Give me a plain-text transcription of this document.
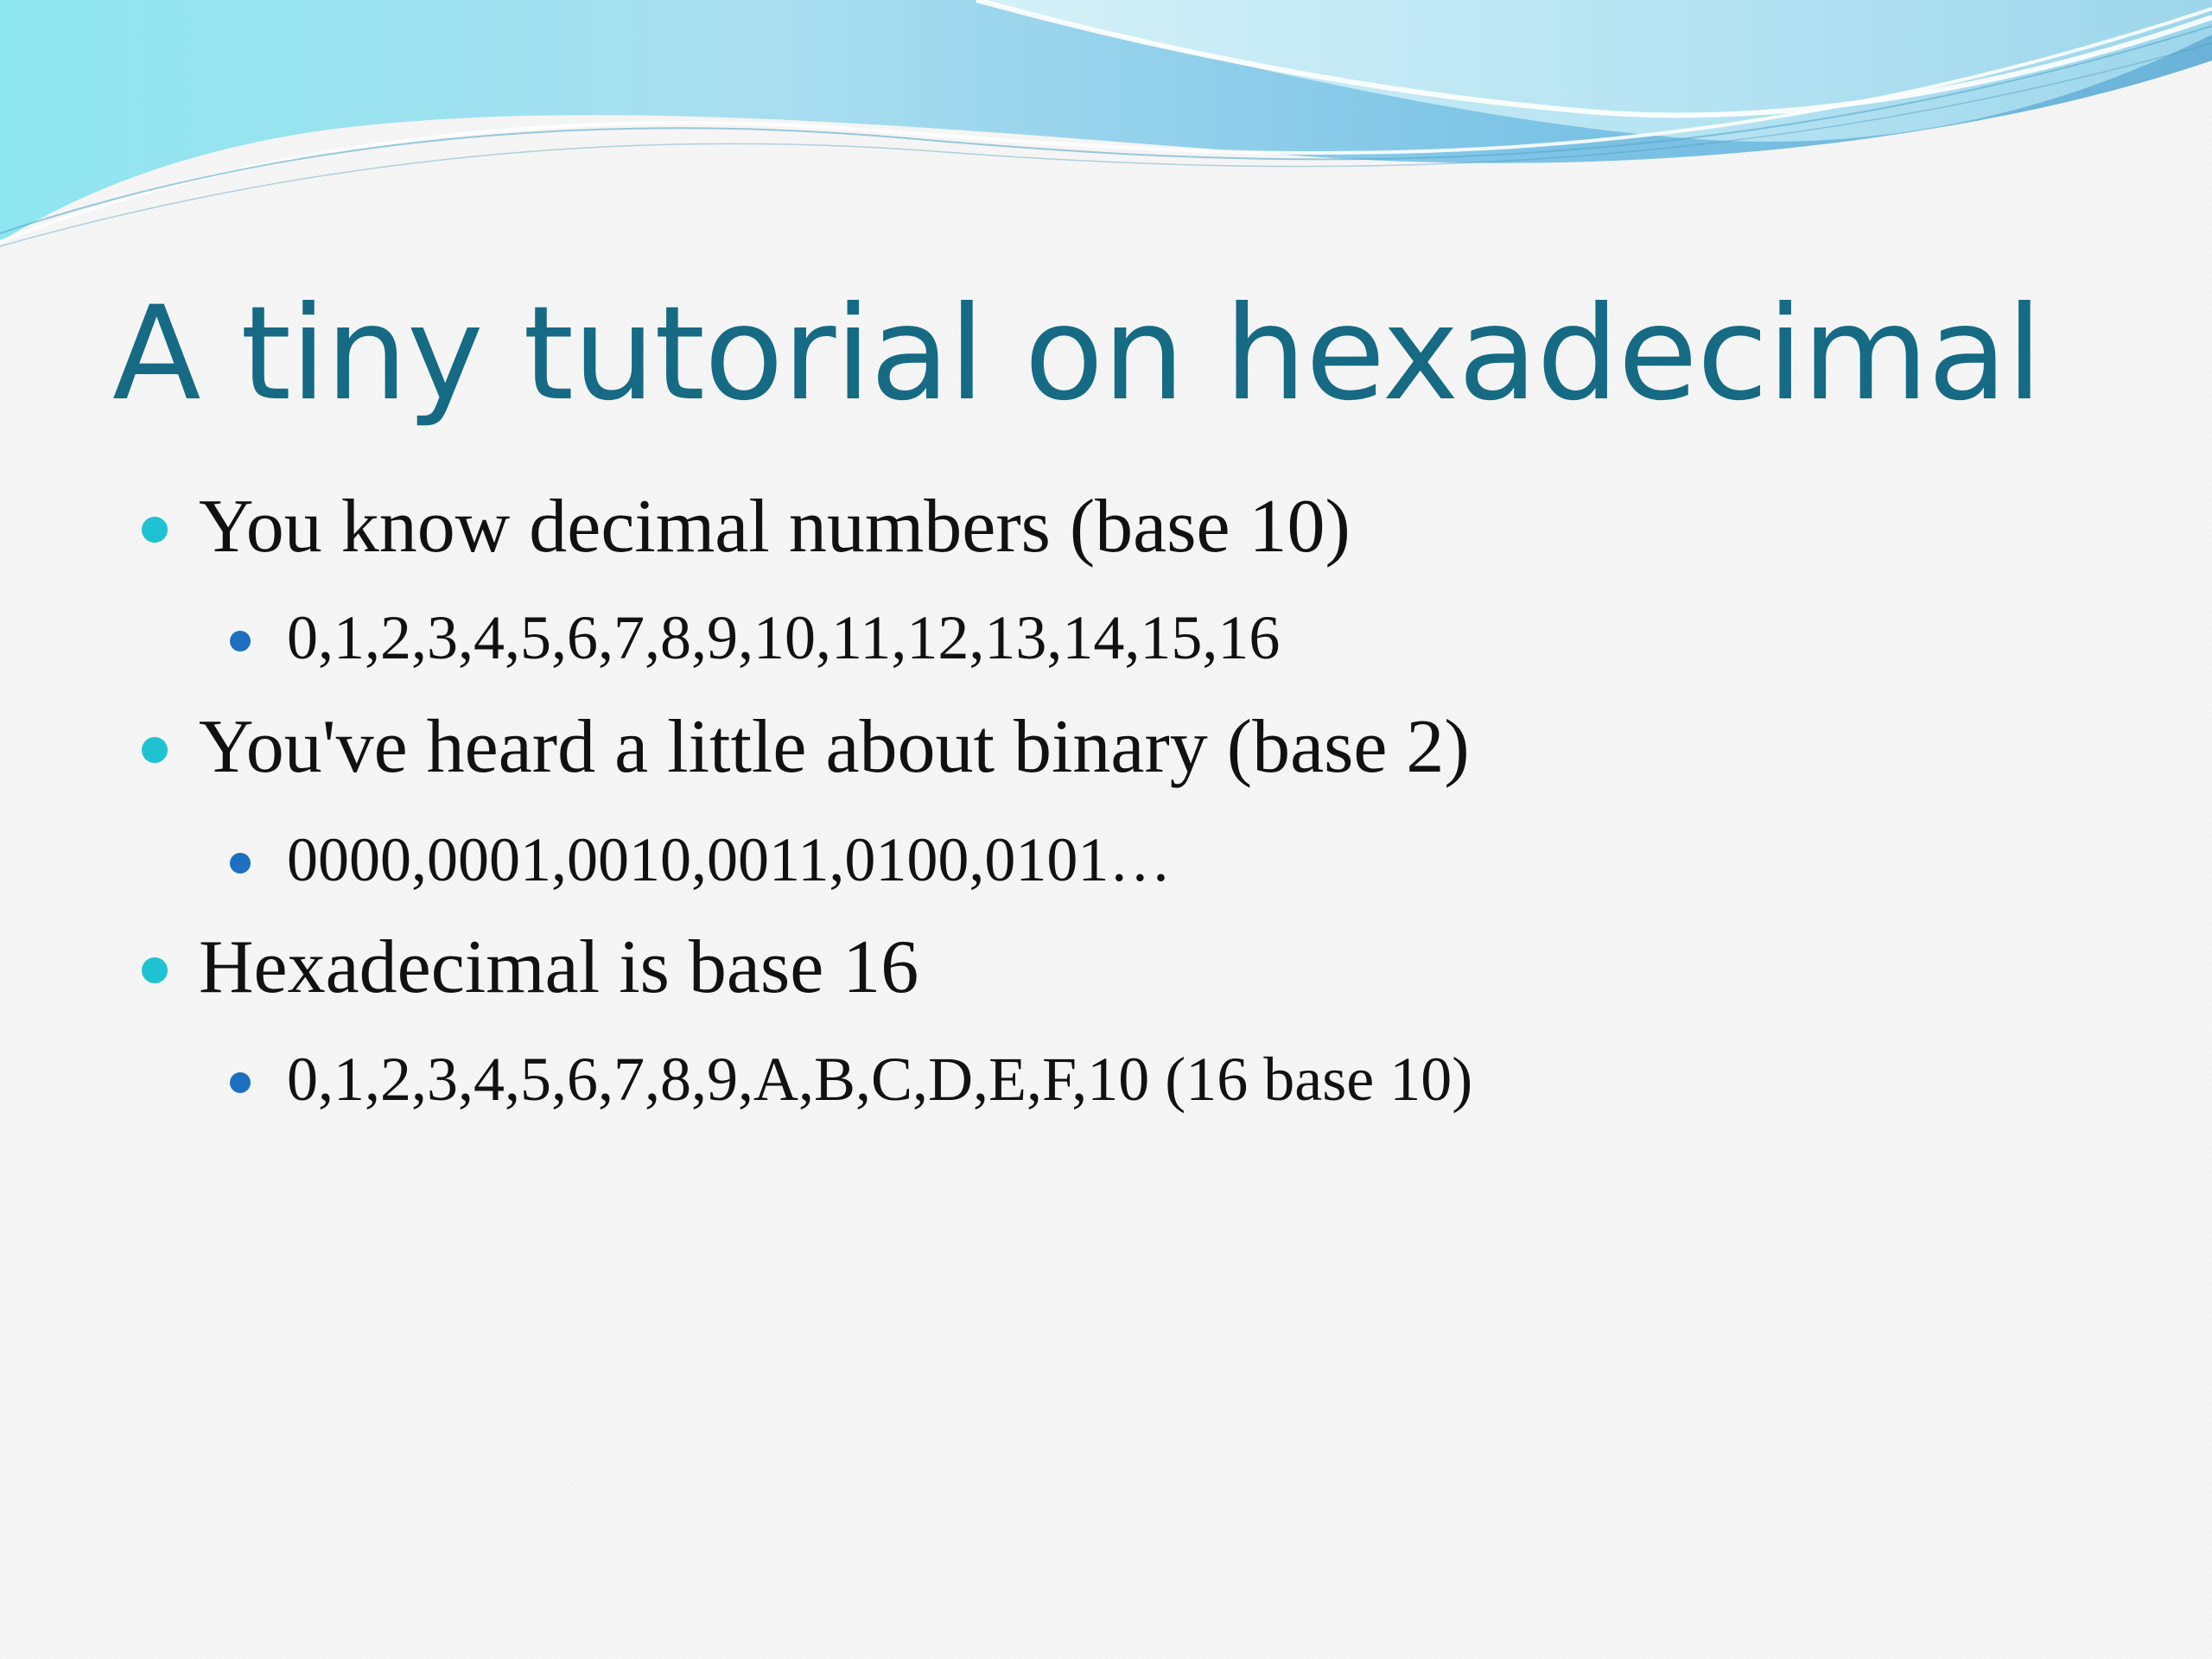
A tiny tutorial on hexadecimal
You know decimal numbers (base 10)
0,1,2,3,4,5,6,7,8,9,10,11,12,13,14,15,16
You've heard a little about binary (base 2)
0000,0001,0010,0011,0100,0101…
Hexadecimal is base 16
0,1,2,3,4,5,6,7,8,9,A,B,C,D,E,F,10 (16 base 10)
